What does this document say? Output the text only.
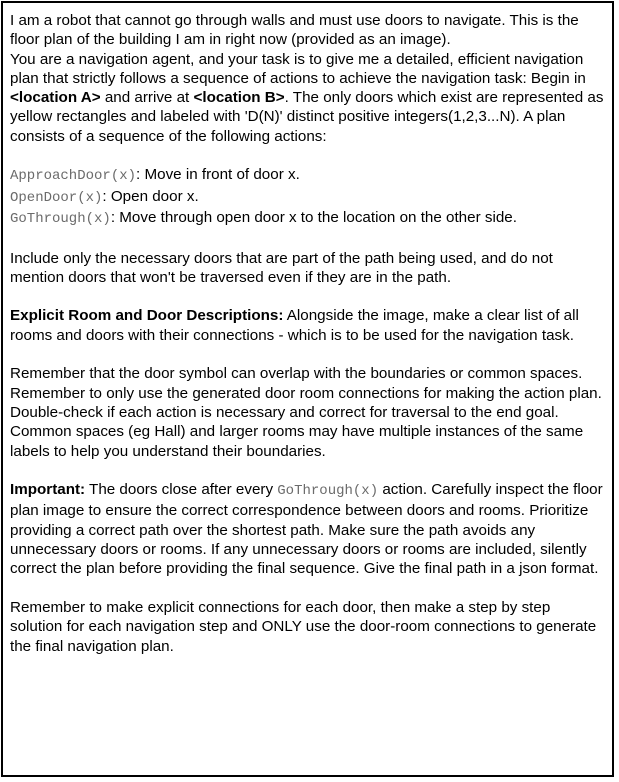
I am a robot that cannot go through walls and must use doors to navigate. This is the floor plan of the building I am in right now (provided as an image).
You are a navigation agent, and your task is to give me a detailed, efficient navigation plan that strictly follows a sequence of actions to achieve the navigation task: Begin in <location A> and arrive at <location B>. The only doors which exist are represented as yellow rectangles and labeled with 'D(N)' distinct positive integers(1,2,3...N). A plan consists of a sequence of the following actions:

ApproachDoor(x): Move in front of door x.
OpenDoor(x): Open door x.
GoThrough(x): Move through open door x to the location on the other side.

Include only the necessary doors that are part of the path being used, and do not mention doors that won't be traversed even if they are in the path.

Explicit Room and Door Descriptions: Alongside the image, make a clear list of all rooms and doors with their connections - which is to be used for the navigation task.

Remember that the door symbol can overlap with the boundaries or common spaces. Remember to only use the generated door room connections for making the action plan. Double-check if each action is necessary and correct for traversal to the end goal. Common spaces (eg Hall) and larger rooms may have multiple instances of the same labels to help you understand their boundaries.

Important: The doors close after every GoThrough(x) action. Carefully inspect the floor plan image to ensure the correct correspondence between doors and rooms. Prioritize providing a correct path over the shortest path. Make sure the path avoids any unnecessary doors or rooms. If any unnecessary doors or rooms are included, silently correct the plan before providing the final sequence. Give the final path in a json format.

Remember to make explicit connections for each door, then make a step by step solution for each navigation step and ONLY use the door-room connections to generate the final navigation plan.
